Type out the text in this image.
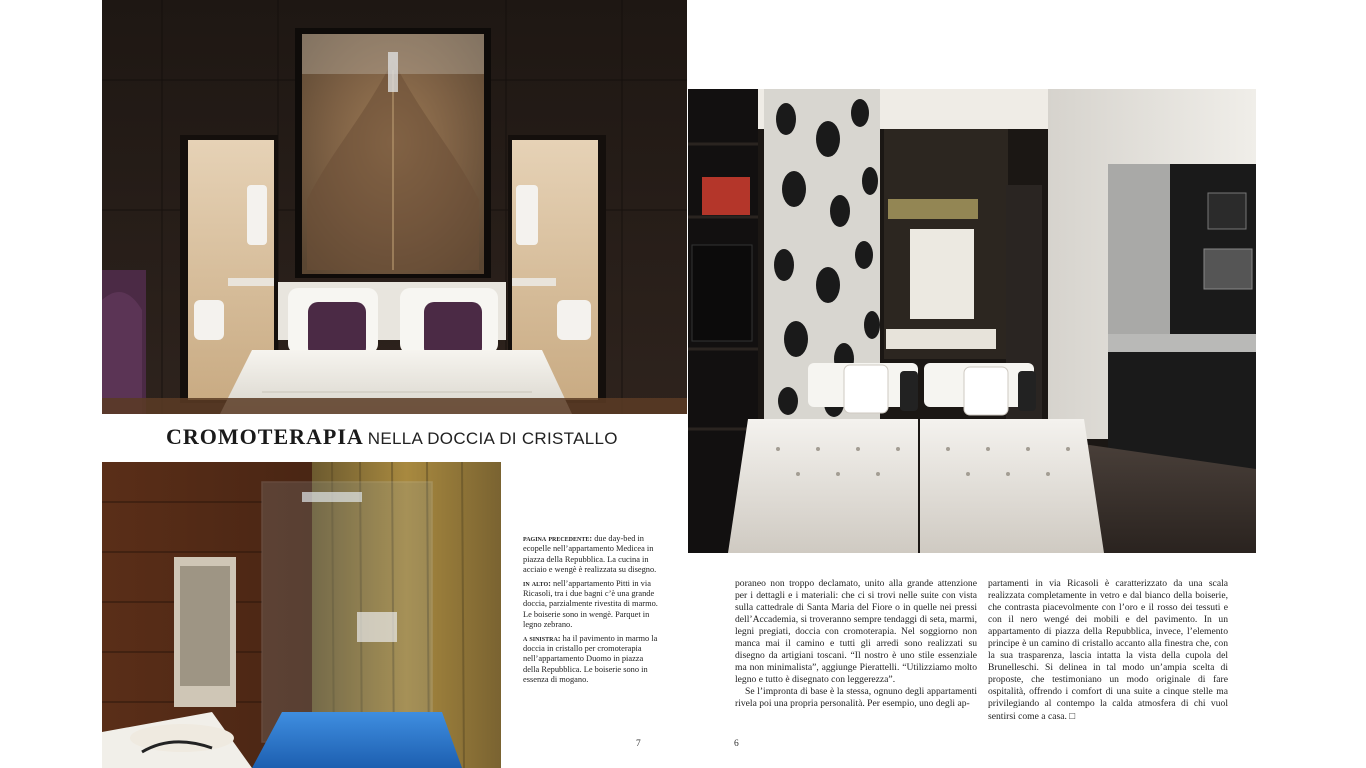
CROMOTERAPIA NELLA DOCCIA DI CRISTALLO

pagina precedente: due day-bed in ecopelle nell’appartamento Medicea in piazza della Repubblica. La cucina in acciaio e wengè è realizzata su disegno.

in alto: nell’appartamento Pitti in via Ricasoli, tra i due bagni c’è una grande doccia, parzialmente rivestita di marmo. Le boiserie sono in wengè. Parquet in legno zebrano.

a sinistra: ha il pavimento in marmo la doccia in cristallo per cromoterapia nell’appartamento Duomo in piazza della Repubblica. Le boiserie sono in essenza di mogano.

7

poraneo non troppo declamato, unito alla grande attenzione per i dettagli e i materiali: che ci si trovi nelle suite con vista sulla cattedrale di Santa Maria del Fiore o in quelle nei pressi dell’Accademia, si troveranno sempre tendaggi di seta, marmi, legni pregiati, doccia con cromoterapia. Nel soggiorno non manca mai il camino e tutti gli arredi sono realizzati su disegno da artigiani toscani. “Il nostro è uno stile essenziale ma non minimalista”, aggiunge Pierattelli. “Utilizziamo molto legno e tutto è disegnato con leggerezza”.

Se l’impronta di base è la stessa, ognuno degli appartamenti rivela poi una propria personalità. Per esempio, uno degli ap-

partamenti in via Ricasoli è caratterizzato da una scala realizzata completamente in vetro e dal bianco della boiserie, che contrasta piacevolmente con l’oro e il rosso dei tessuti e con il nero wengé dei mobili e del pavimento. In un appartamento di piazza della Repubblica, invece, l’elemento principe è un camino di cristallo accanto alla finestra che, con la sua trasparenza, lascia intatta la vista della cupola del Brunelleschi. Si delinea in tal modo un’ampia scelta di proposte, che testimoniano un modo originale di fare ospitalità, offrendo i comfort di una suite a cinque stelle ma privilegiando al contempo la calda atmosfera di chi vuol sentirsi come a casa. □

6
